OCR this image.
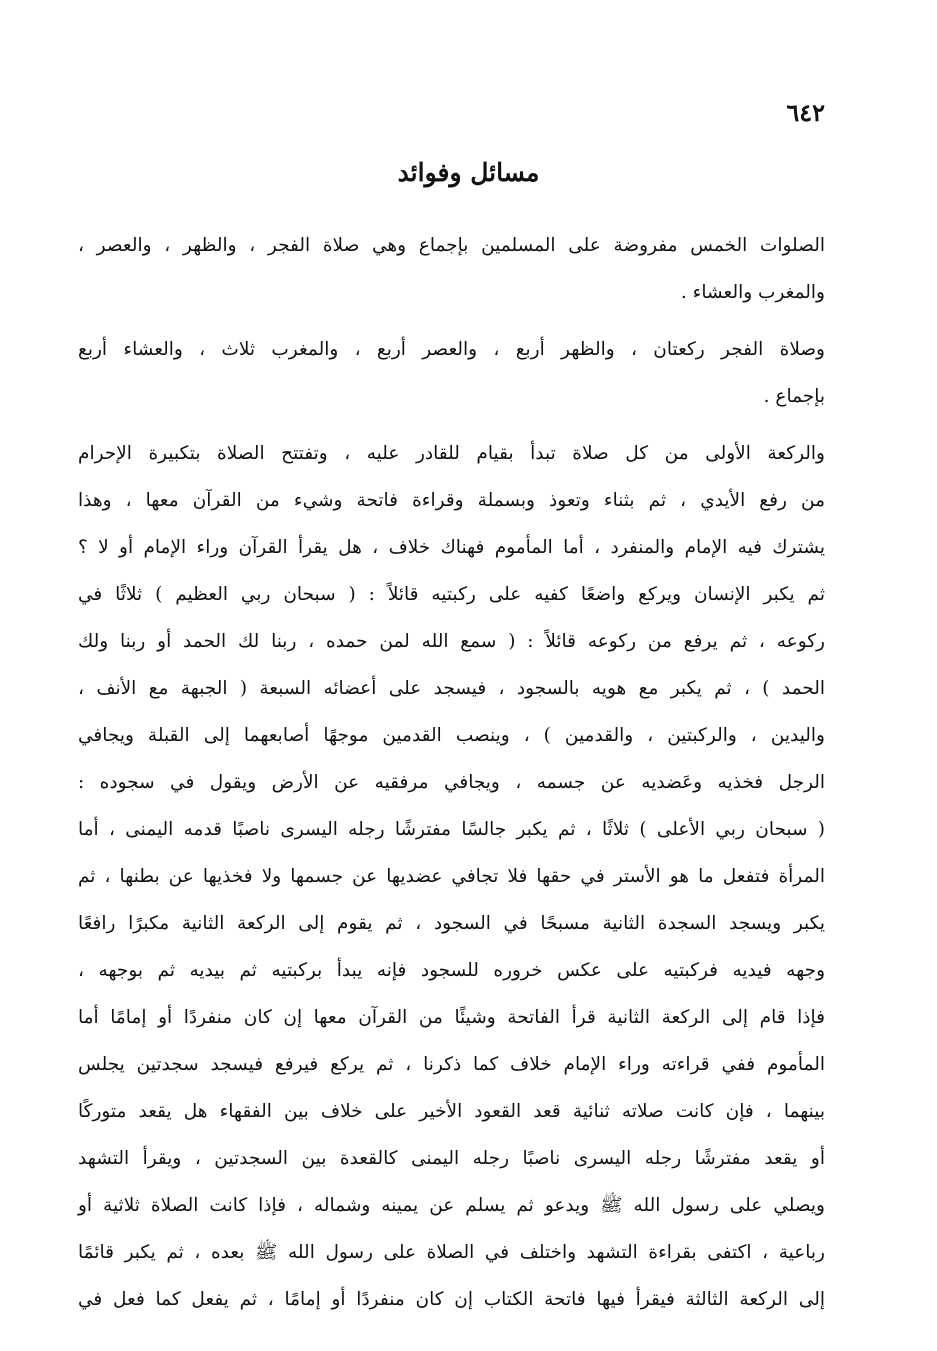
٦٤٢
مسائل وفوائد

الصلوات الخمس مفروضة على المسلمين بإجماع وهي صلاة الفجر ، والظهر ، والعصر ،
والمغرب والعشاء .

وصلاة الفجر ركعتان ، والظهر أربع ، والعصر أربع ، والمغرب ثلاث ، والعشاء أربع
بإجماع .

والركعة الأولى من كل صلاة تبدأ بقيام للقادر عليه ، وتفتتح الصلاة بتكبيرة الإحرام
من رفع الأيدي ، ثم بثناء وتعوذ وبسملة وقراءة فاتحة وشيء من القرآن معها ، وهذا
يشترك فيه الإمام والمنفرد ، أما المأموم فهناك خلاف ، هل يقرأ القرآن وراء الإمام أو لا ؟
ثم يكبر الإنسان ويركع واضعًا كفيه على ركبتيه قائلاً : ( سبحان ربي العظيم ) ثلاثًا في
ركوعه ، ثم يرفع من ركوعه قائلاً : ( سمع الله لمن حمده ، ربنا لك الحمد أو ربنا ولك
الحمد ) ، ثم يكبر مع هويه بالسجود ، فيسجد على أعضائه السبعة ( الجبهة مع الأنف ،
واليدين ، والركبتين ، والقدمين ) ، وينصب القدمين موجهًا أصابعهما إلى القبلة ويجافي
الرجل فخذيه وعَضديه عن جسمه ، ويجافي مرفقيه عن الأرض ويقول في سجوده :
( سبحان ربي الأعلى ) ثلاثًا ، ثم يكبر جالسًا مفترشًا رجله اليسرى ناصبًا قدمه اليمنى ، أما
المرأة فتفعل ما هو الأستر في حقها فلا تجافي عضديها عن جسمها ولا فخذيها عن بطنها ، ثم
يكبر ويسجد السجدة الثانية مسبحًا في السجود ، ثم يقوم إلى الركعة الثانية مكبرًا رافعًا
وجهه فيديه فركبتيه على عكس خروره للسجود فإنه يبدأ بركبتيه ثم بيديه ثم بوجهه ،
فإذا قام إلى الركعة الثانية قرأ الفاتحة وشيئًا من القرآن معها إن كان منفردًا أو إمامًا أما
المأموم ففي قراءته وراء الإمام خلاف كما ذكرنا ، ثم يركع فيرفع فيسجد سجدتين يجلس
بينهما ، فإن كانت صلاته ثنائية قعد القعود الأخير على خلاف بين الفقهاء هل يقعد متوركًا
أو يقعد مفترشًا رجله اليسرى ناصبًا رجله اليمنى كالقعدة بين السجدتين ، ويقرأ التشهد
ويصلي على رسول الله ﷺ ويدعو ثم يسلم عن يمينه وشماله ، فإذا كانت الصلاة ثلاثية أو
رباعية ، اكتفى بقراءة التشهد واختلف في الصلاة على رسول الله ﷺ بعده ، ثم يكبر قائمًا
إلى الركعة الثالثة فيقرأ فيها فاتحة الكتاب إن كان منفردًا أو إمامًا ، ثم يفعل كما فعل في
